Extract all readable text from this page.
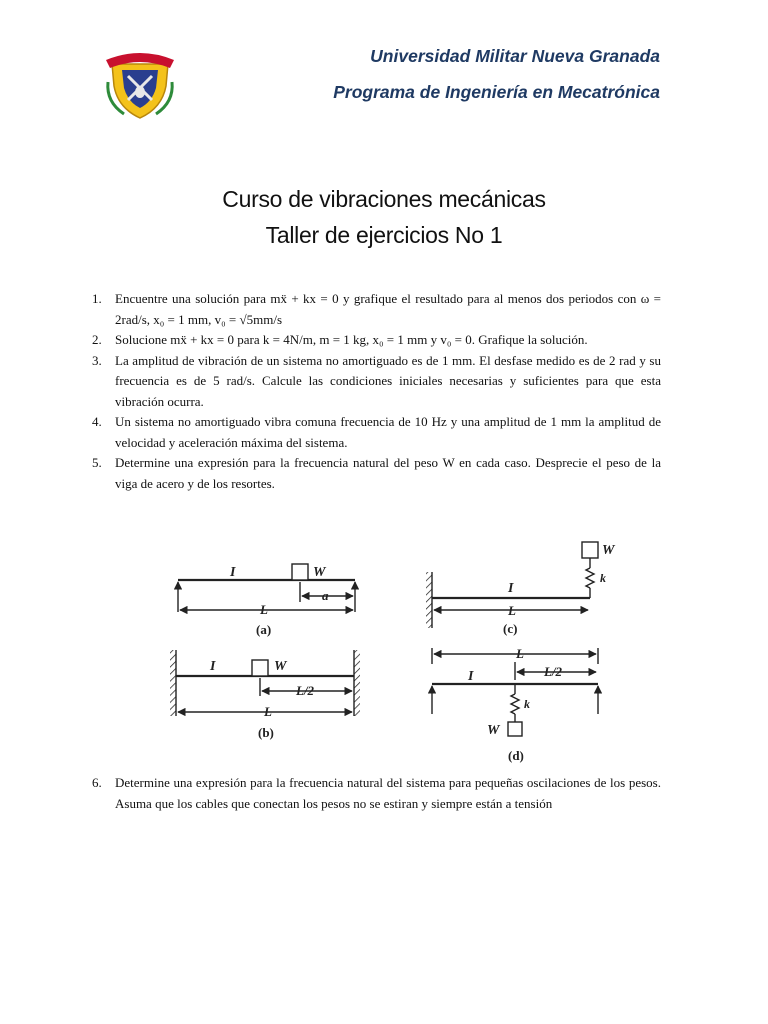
Universidad Militar Nueva Granada
Programa de Ingeniería en Mecatrónica
Curso de vibraciones mecánicas
Taller de ejercicios No 1
1. Encuentre una solución para mẍ + kx = 0 y grafique el resultado para al menos dos periodos con ω = 2rad/s, x₀ = 1 mm, v₀ = √5mm/s
2. Solucione mẍ + kx = 0 para k = 4N/m, m = 1 kg, x₀ = 1 mm y v₀ = 0. Grafique la solución.
3. La amplitud de vibración de un sistema no amortiguado es de 1 mm. El desfase medido es de 2 rad y su frecuencia es de 5 rad/s. Calcule las condiciones iniciales necesarias y suficientes para que esta vibración ocurra.
4. Un sistema no amortiguado vibra comuna frecuencia de 10 Hz y una amplitud de 1 mm la amplitud de velocidad y aceleración máxima del sistema.
5. Determine una expresión para la frecuencia natural del peso W en cada caso. Desprecie el peso de la viga de acero y de los resortes.
I	W
a
L
(a)
W
k
I
L
(c)
I	W
L/2
L
(b)
L
L/2
I
k
W
(d)
6. Determine una expresión para la frecuencia natural del sistema para pequeñas oscilaciones de los pesos. Asuma que los cables que conectan los pesos no se estiran y siempre están a tensión
